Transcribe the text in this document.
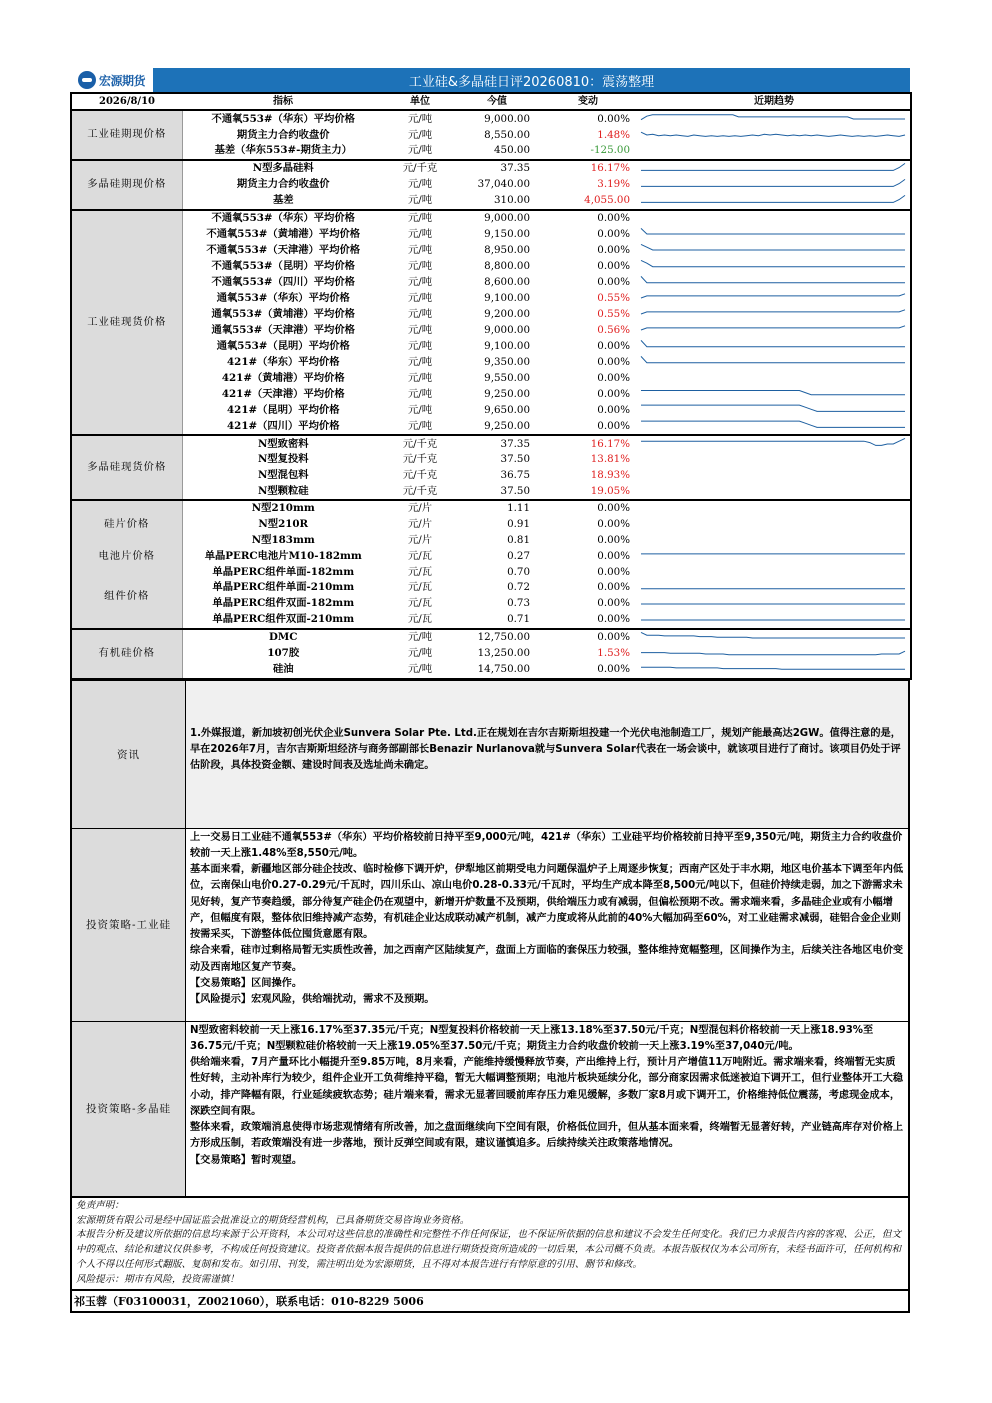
宏源期货	工业硅&多晶硅日评20260810：震荡整理
2026/8/10	指标	单位	今值	变动	近期趋势
工业硅期现价格	不通氧553#（华东）平均价格	元/吨	9,000.00	0.00%	

	期货主力合约收盘价	元/吨	8,550.00	1.48%	

	基差（华东553#-期货主力）	元/吨	450.00	-125.00	
多晶硅期现价格	N型多晶硅料	元/千克	37.35	16.17%	

	期货主力合约收盘价	元/吨	37,040.00	3.19%	

	基差	元/吨	310.00	4,055.00	

工业硅现货价格	不通氧553#（华东）平均价格	元/吨	9,000.00	0.00%	
	不通氧553#（黄埔港）平均价格	元/吨	9,150.00	0.00%	

	不通氧553#（天津港）平均价格	元/吨	8,950.00	0.00%	

	不通氧553#（昆明）平均价格	元/吨	8,800.00	0.00%	

	不通氧553#（四川）平均价格	元/吨	8,600.00	0.00%	

	通氧553#（华东）平均价格	元/吨	9,100.00	0.55%	

	通氧553#（黄埔港）平均价格	元/吨	9,200.00	0.55%	

	通氧553#（天津港）平均价格	元/吨	9,000.00	0.56%	

	通氧553#（昆明）平均价格	元/吨	9,100.00	0.00%	

	421#（华东）平均价格	元/吨	9,350.00	0.00%	

	421#（黄埔港）平均价格	元/吨	9,550.00	0.00%	
	421#（天津港）平均价格	元/吨	9,250.00	0.00%	

	421#（昆明）平均价格	元/吨	9,650.00	0.00%	

	421#（四川）平均价格	元/吨	9,250.00	0.00%	

多晶硅现货价格	N型致密料	元/千克	37.35	16.17%	

	N型复投料	元/千克	37.50	13.81%	
	N型混包料	元/千克	36.75	18.93%	
	N型颗粒硅	元/千克	37.50	19.05%	
硅片价格	N型210mm	元/片	1.11	0.00%	
	N型210R	元/片	0.91	0.00%	
	N型183mm	元/片	0.81	0.00%	
电池片价格	单晶PERC电池片M10-182mm	元/瓦	0.27	0.00%	

组件价格	单晶PERC组件单面-182mm	元/瓦	0.70	0.00%	
	单晶PERC组件单面-210mm	元/瓦	0.72	0.00%	

	单晶PERC组件双面-182mm	元/瓦	0.73	0.00%	

	单晶PERC组件双面-210mm	元/瓦	0.71	0.00%	

有机硅价格	DMC	元/吨	12,750.00	0.00%	

	107胶	元/吨	13,250.00	1.53%	

	硅油	元/吨	14,750.00	0.00%	
资讯	1.外媒报道，新加坡初创光伏企业Sunvera Solar Pte. Ltd.正在规划在吉尔吉斯斯坦投建一个光伏电池制造工厂，规划产能最高达2GW。值得注意的是，早在2026年7月，吉尔吉斯斯坦经济与商务部副部长Benazir Nurlanova就与Sunvera Solar代表在一场会谈中，就该项目进行了商讨。该项目仍处于评估阶段，具体投资金额、建设时间表及选址尚未确定。
投资策略-工业硅	上一交易日工业硅不通氧553#（华东）平均价格较前日持平至9,000元/吨，421#（华东）工业硅平均价格较前日持平至9,350元/吨，期货主力合约收盘价较前一天上涨1.48%至8,550元/吨。
基本面来看，新疆地区部分硅企技改、临时检修下调开炉，伊犁地区前期受电力问题保温炉子上周逐步恢复；西南产区处于丰水期，地区电价基本下调至年内低位，云南保山电价0.27-0.29元/千瓦时，四川乐山、凉山电价0.28-0.33元/千瓦时，平均生产成本降至8,500元/吨以下，但硅价持续走弱，加之下游需求未见好转，复产节奏趋缓，部分待复产硅企仍在观望中，新增开炉数量不及预期，供给端压力或有减弱，但偏松预期不改。需求端来看，多晶硅企业或有小幅增产，但幅度有限，整体依旧维持减产态势，有机硅企业达成联动减产机制，减产力度或将从此前的40%大幅加码至60%，对工业硅需求减弱，硅铝合金企业则按需采买，下游整体低位囤货意愿有限。
综合来看，硅市过剩格局暂无实质性改善，加之西南产区陆续复产，盘面上方面临的套保压力较强，整体维持宽幅整理，区间操作为主，后续关注各地区电价变动及西南地区复产节奏。
【交易策略】区间操作。
【风险提示】宏观风险，供给端扰动，需求不及预期。

投资策略-多晶硅	N型致密料较前一天上涨16.17%至37.35元/千克；N型复投料价格较前一天上涨13.18%至37.50元/千克；N型混包料价格较前一天上涨18.93%至36.75元/千克；N型颗粒硅价格较前一天上涨19.05%至37.50元/千克；期货主力合约收盘价较前一天上涨3.19%至37,040元/吨。
供给端来看，7月产量环比小幅提升至9.85万吨，8月来看，产能维持缓慢释放节奏，产出维持上行，预计月产增值11万吨附近。需求端来看，终端暂无实质性好转，主动补库行为较少，组件企业开工负荷维持平稳，暂无大幅调整预期；电池片板块延续分化，部分商家因需求低迷被迫下调开工，但行业整体开工大稳小动，排产降幅有限，行业延续疲软态势；硅片端来看，需求无显著回暖前库存压力难见缓解，多数厂家8月或下调开工，价格维持低位震荡，考虑现金成本，深跌空间有限。
整体来看，政策端消息使得市场悲观情绪有所改善，加之盘面继续向下空间有限，价格低位回升，但从基本面来看，终端暂无显著好转，产业链高库存对价格上方形成压制，若政策端没有进一步落地，预计反弹空间或有限，建议谨慎追多。后续持续关注政策落地情况。
【交易策略】暂时观望。
免责声明：
宏源期货有限公司是经中国证监会批准设立的期货经营机构，已具备期货交易咨询业务资格。
本报告分析及建议所依据的信息均来源于公开资料，本公司对这些信息的准确性和完整性不作任何保证，也不保证所依据的信息和建议不会发生任何变化。我们已力求报告内容的客观、公正，但文中的观点、结论和建议仅供参考，不构成任何投资建议。投资者依据本报告提供的信息进行期货投资所造成的一切后果，本公司概不负责。本报告版权仅为本公司所有，未经书面许可，任何机构和个人不得以任何形式翻版、复制和发布。如引用、刊发，需注明出处为宏源期货，且不得对本报告进行有悖原意的引用、删节和修改。
风险提示：期市有风险，投资需谨慎！
祁玉蓉（F03100031，Z0021060），联系电话：010-8229 5006
